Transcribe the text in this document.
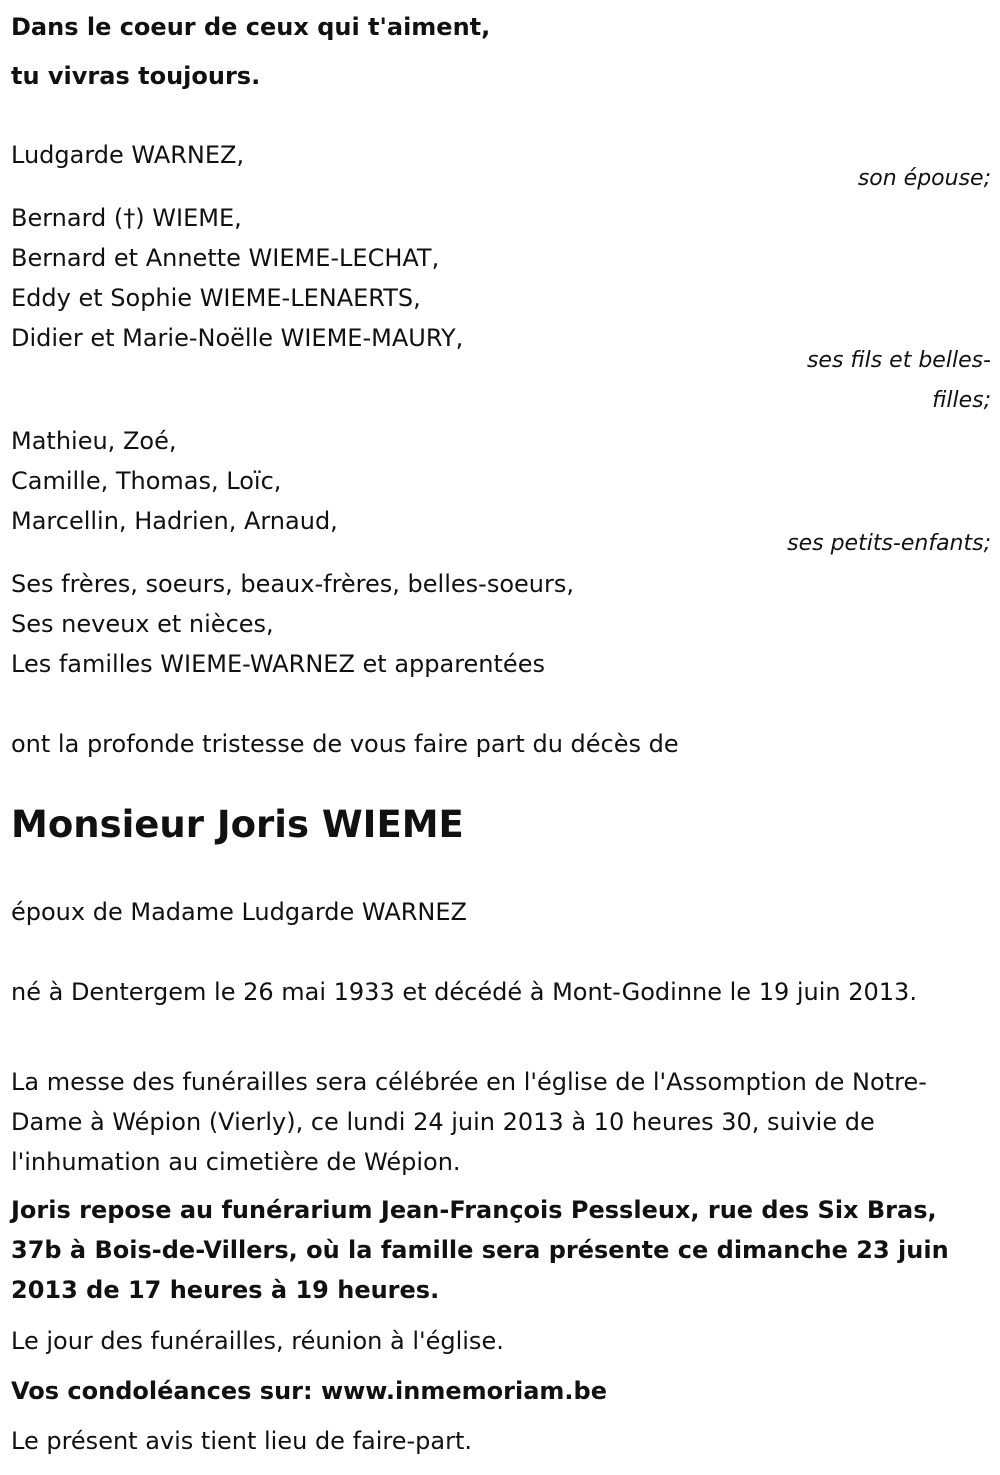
Dans le coeur de ceux qui t'aiment,
tu vivras toujours.
Ludgarde WARNEZ,
son épouse;
Bernard (†) WIEME,
Bernard et Annette WIEME-LECHAT,
Eddy et Sophie WIEME-LENAERTS,
Didier et Marie-Noëlle WIEME-MAURY,
ses fils et belles-
filles;
Mathieu, Zoé,
Camille, Thomas, Loïc,
Marcellin, Hadrien, Arnaud,
ses petits-enfants;
Ses frères, soeurs, beaux-frères, belles-soeurs,
Ses neveux et nièces,
Les familles WIEME-WARNEZ et apparentées
ont la profonde tristesse de vous faire part du décès de
Monsieur Joris WIEME
époux de Madame Ludgarde WARNEZ
né à Dentergem le 26 mai 1933 et décédé à Mont-Godinne le 19 juin 2013.
La messe des funérailles sera célébrée en l'église de l'Assomption de Notre-Dame à Wépion (Vierly), ce lundi 24 juin 2013 à 10 heures 30, suivie de l'inhumation au cimetière de Wépion.
Joris repose au funérarium Jean-François Pessleux, rue des Six Bras, 37b à Bois-de-Villers, où la famille sera présente ce dimanche 23 juin 2013 de 17 heures à 19 heures.
Le jour des funérailles, réunion à l'église.
Vos condoléances sur: www.inmemoriam.be
Le présent avis tient lieu de faire-part.
